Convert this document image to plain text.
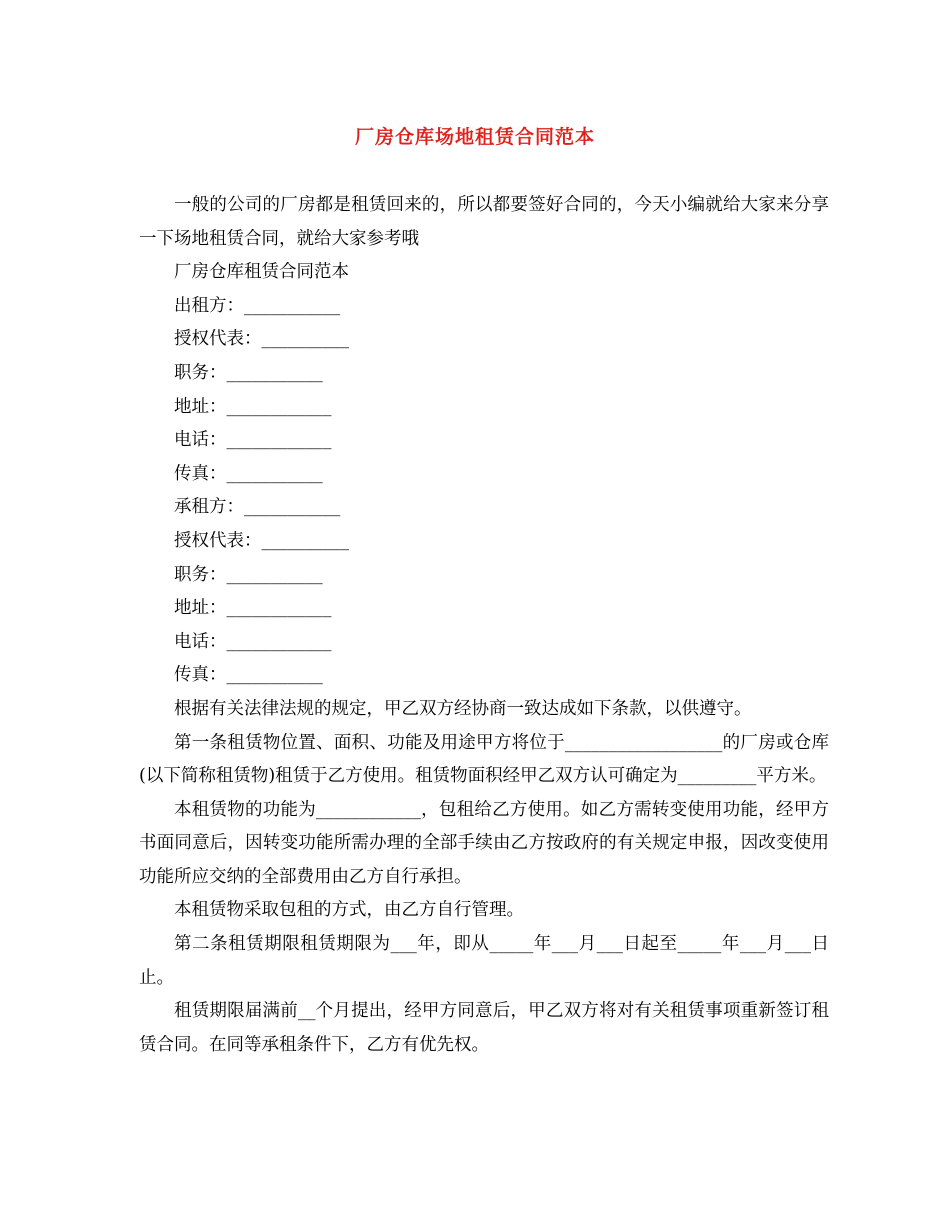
厂房仓库场地租赁合同范本

一般的公司的厂房都是租赁回来的，所以都要签好合同的，今天小编就给大家来分享一下场地租赁合同，就给大家参考哦

厂房仓库租赁合同范本

出租方：___________

授权代表：__________

职务：___________

地址：____________

电话：____________

传真：___________

承租方：___________

授权代表：__________

职务：___________

地址：____________

电话：____________

传真：___________

根据有关法律法规的规定，甲乙双方经协商一致达成如下条款，以供遵守。

第一条租赁物位置、面积、功能及用途甲方将位于__________________的厂房或仓库(以下简称租赁物)租赁于乙方使用。租赁物面积经甲乙双方认可确定为_________平方米。

本租赁物的功能为____________，包租给乙方使用。如乙方需转变使用功能，经甲方书面同意后，因转变功能所需办理的全部手续由乙方按政府的有关规定申报，因改变使用功能所应交纳的全部费用由乙方自行承担。

本租赁物采取包租的方式，由乙方自行管理。

第二条租赁期限租赁期限为___年，即从_____年___月___日起至_____年___月___日止。

租赁期限届满前__个月提出，经甲方同意后，甲乙双方将对有关租赁事项重新签订租赁合同。在同等承租条件下，乙方有优先权。
